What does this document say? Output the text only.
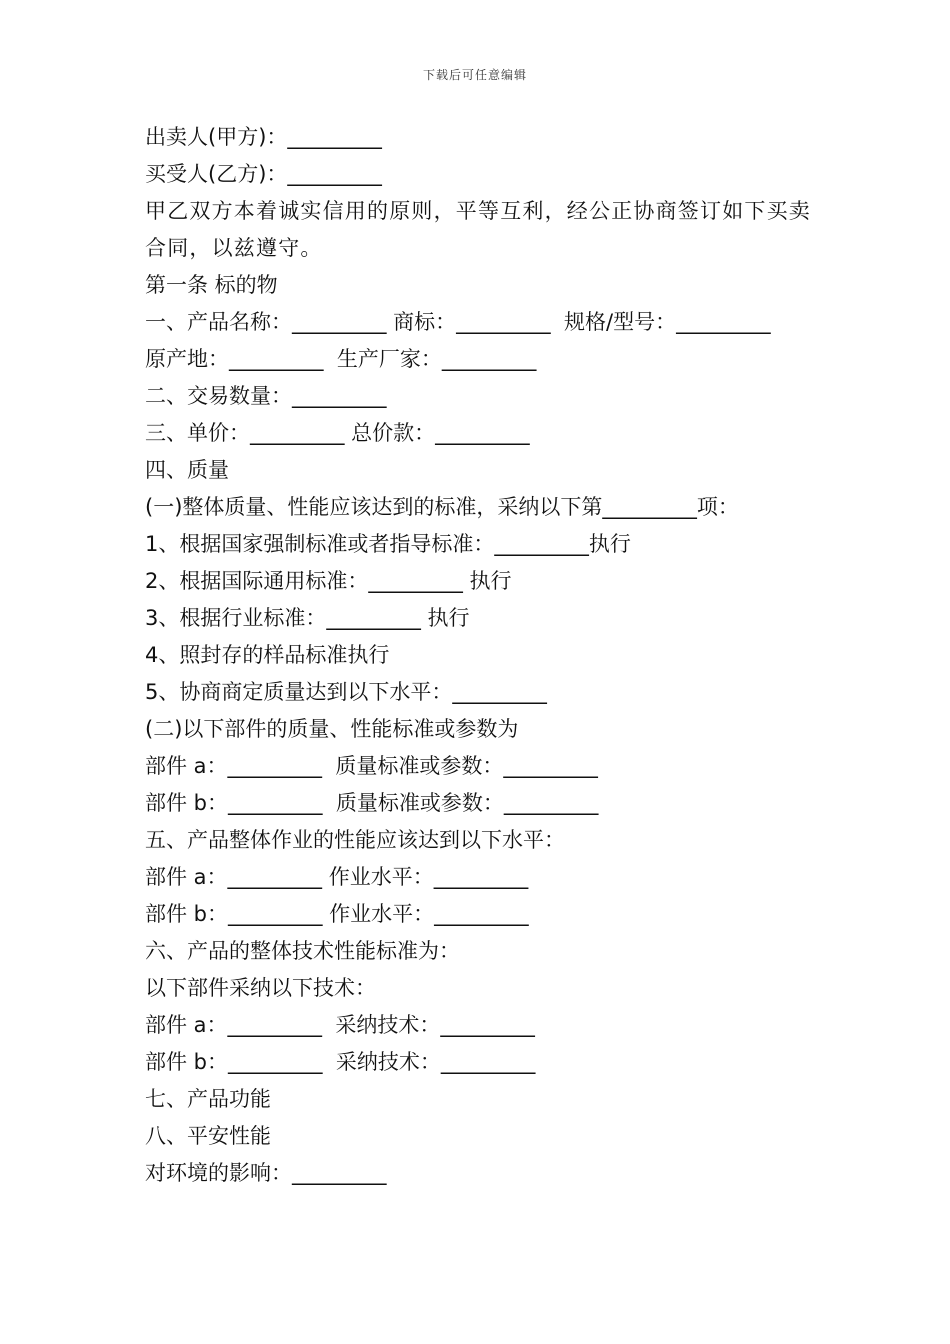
下载后可任意编辑
出卖人(甲方)：_________
买受人(乙方)：_________
甲乙双方本着诚实信用的原则，平等互利，经公正协商签订如下买卖合同，以兹遵守。
第一条 标的物
一、产品名称：_________ 商标：_________  规格/型号：_________
原产地：_________  生产厂家：_________
二、交易数量：_________
三、单价：_________ 总价款：_________
四、质量
(一)整体质量、性能应该达到的标准，采纳以下第_________项：
1、根据国家强制标准或者指导标准：_________执行
2、根据国际通用标准：_________ 执行
3、根据行业标准：_________ 执行
4、照封存的样品标准执行
5、协商商定质量达到以下水平：_________
(二)以下部件的质量、性能标准或参数为
部件 a：_________  质量标准或参数：_________
部件 b：_________  质量标准或参数：_________
五、产品整体作业的性能应该达到以下水平：
部件 a：_________ 作业水平：_________
部件 b：_________ 作业水平：_________
六、产品的整体技术性能标准为：
以下部件采纳以下技术：
部件 a：_________  采纳技术：_________
部件 b：_________  采纳技术：_________
七、产品功能
八、平安性能
对环境的影响：_________
